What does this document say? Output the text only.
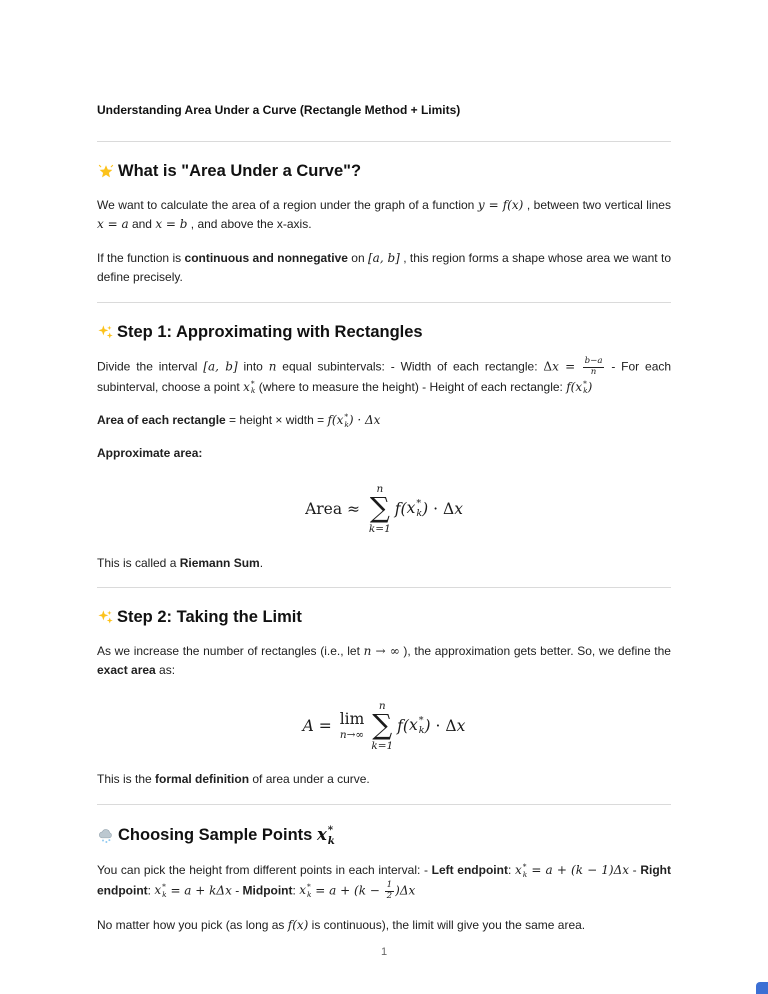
Understanding Area Under a Curve (Rectangle Method + Limits)
What is "Area Under a Curve"?

We want to calculate the area of a region under the graph of a function y = f(x) , between two vertical lines x = a and x = b , and above the x-axis.

If the function is continuous and nonnegative on [a, b] , this region forms a shape whose area we want to define precisely.

Step 1: Approximating with Rectangles

Divide the interval [a, b] into n equal subintervals: - Width of each rectangle: $\Delta x = \frac{b-a}{n}$ - For each subinterval, choose a point x *
k (where to measure the height) - Height of each rectangle: f( x *
k )

Area of each rectangle = height × width = f( x *
k ) · Δx

Approximate area:

Area ≈
n
∑
k=1
f( x *
k ) · Δ x

This is called a Riemann Sum.

Step 2: Taking the Limit

As we increase the number of rectangles (i.e., let n → ∞ ), the approximation gets better. So, we define the exact area as:

A = lim
n→∞
n
∑
k=1
f( x *
k ) · Δ x

This is the formal definition of area under a curve.

Choosing Sample Points x *
k

You can pick the height from different points in each interval: - Left endpoint: x *
k = a + (k − 1)Δx - Right endpoint: x *
k = a + kΔx - Midpoint: x *
$k = a + (k - \frac{1}{2} )\Delta x$

No matter how you pick (as long as f(x) is continuous), the limit will give you the same area.

1
